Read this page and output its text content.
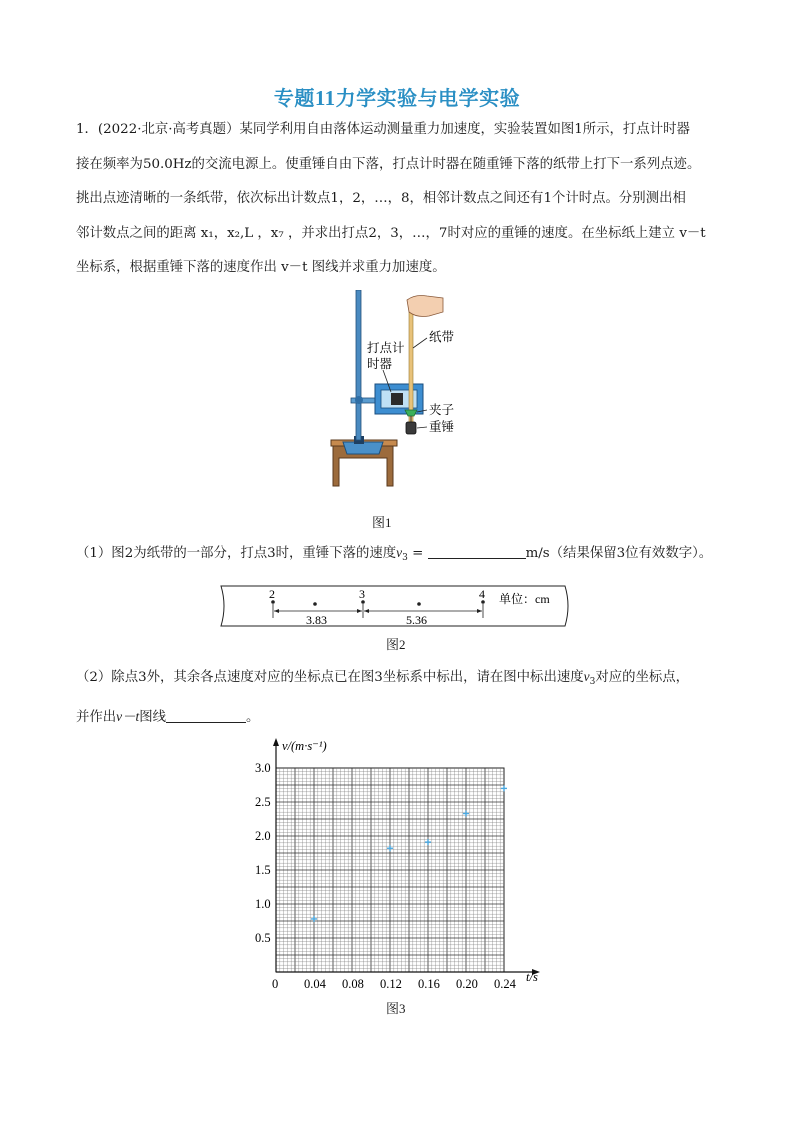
专题11力学实验与电学实验
1．(2022·北京·高考真题）某同学利用自由落体运动测量重力加速度，实验装置如图1所示，打点计时器
接在频率为50.0Hz的交流电源上。使重锤自由下落，打点计时器在随重锤下落的纸带上打下一系列点迹。
挑出点迹清晰的一条纸带，依次标出计数点1，2，…，8，相邻计数点之间还有1个计时点。分别测出相
邻计数点之间的距离 x₁，x₂,L ，x₇ ，并求出打点2，3，…，7时对应的重锤的速度。在坐标纸上建立 v－t
坐标系，根据重锤下落的速度作出 v－t 图线并求重力加速度。
打点计
时器
纸带
夹子
重锤
图1
（1）图2为纸带的一部分，打点3时，重锤下落的速度$v_3$ =	m/s（结果保留3位有效数字）。
2	3	4
3.83	5.36
单位：cm
图2
（2）除点3外，其余各点速度对应的坐标点已在图3坐标系中标出，请在图中标出速度$v_3$对应的坐标点，
并作出v－t图线	。
0 0.04 0.08 0.12 0.16 0.20 0.24
0.5
1.0
1.5
2.0
2.5
3.0
v/(m·s⁻¹)
t/s
图3
